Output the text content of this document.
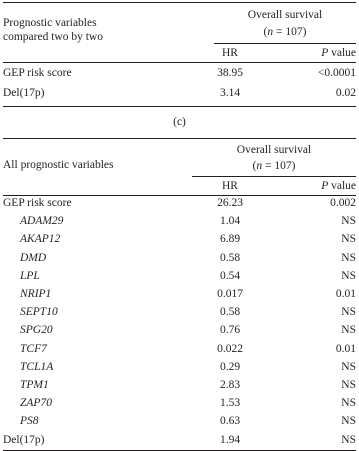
Prognostic variables
compared two by two
Overall survival
(n = 107)
HR	P value
GEP risk score	38.95	<0.0001
Del(17p)	3.14	0.02
(c)
All prognostic variables
Overall survival
(n = 107)
HR	P value
GEP risk score	26.23	0.002
ADAM29	1.04	NS
AKAP12	6.89	NS
DMD	0.58	NS
LPL	0.54	NS
NRIP1	0.017	0.01
SEPT10	0.58	NS
SPG20	0.76	NS
TCF7	0.022	0.01
TCL1A	0.29	NS
TPM1	2.83	NS
ZAP70	1.53	NS
PS8	0.63	NS
Del(17p)	1.94	NS
